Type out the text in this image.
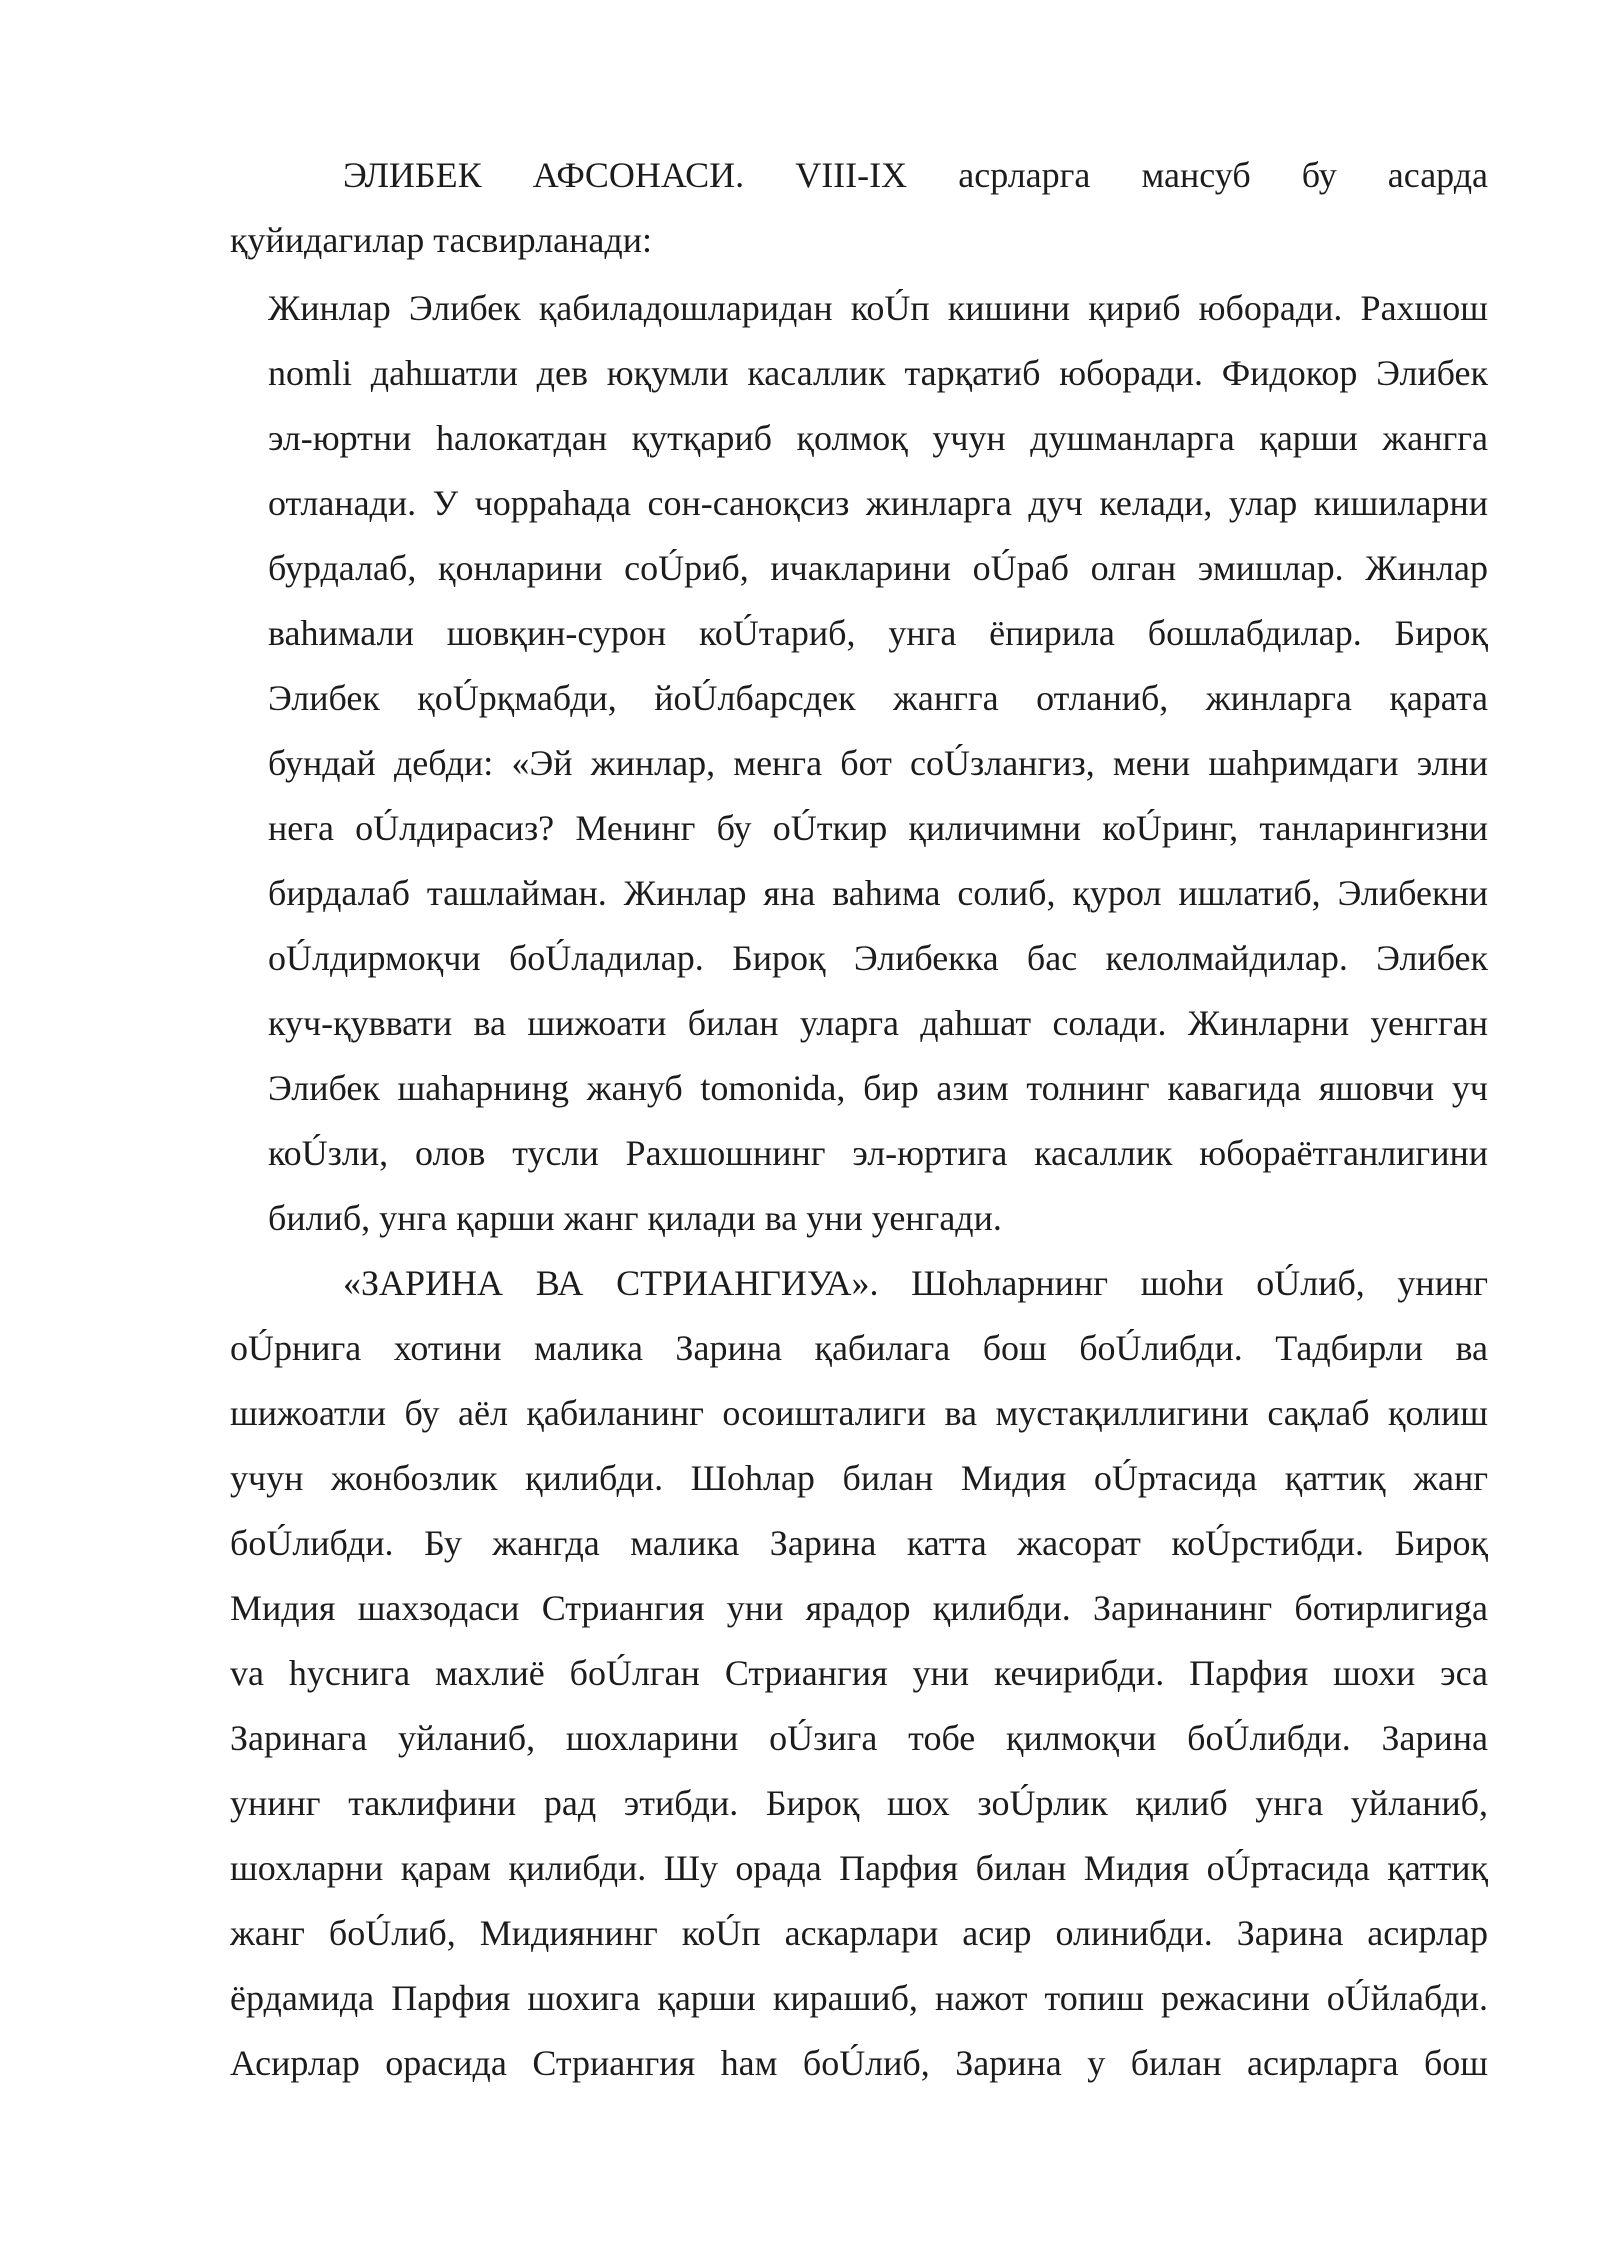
ЭЛИБЕК АФСОНАСИ. VIII-IX асрларга мансуб бу асарда
қуйидагилар тасвирланади:
Жинлар Элибек қабиладошларидан коÚп кишини қириб юборади. Рахшош
nomli даhшатли дев юқумли касаллик тарқатиб юборади. Фидокор Элибек
эл-юртни hалокатдан қутқариб қолмоқ учун душманларга қарши жангга
отланади. У чорраhада сон-саноқсиз жинларга дуч келади, улар кишиларни
бурдалаб, қонларини соÚриб, ичакларини оÚраб олган эмишлар. Жинлар
ваhимали шовқин-сурон коÚтариб, унга ёпирила бошлабдилар. Бироқ
Элибек қоÚрқмабди, йоÚлбарсдек жангга отланиб, жинларга қарата
бундай дебди: «Эй жинлар, менга бот соÚзлангиз, мени шаhримдаги элни
нега оÚлдирасиз? Менинг бу оÚткир қиличимни коÚринг, танларингизни
бирдалаб ташлайман. Жинлар яна ваhима солиб, қурол ишлатиб, Элибекни
оÚлдирмоқчи боÚладилар. Бироқ Элибекка бас келолмайдилар. Элибек
куч-қуввати ва шижоати билан уларга даhшат солади. Жинларни уенгган
Элибек шаhарнинg жануб tomonida, бир азим толнинг кавагида яшовчи уч
коÚзли, олов тусли Рахшошнинг эл-юртига касаллик юбораётганлигини
билиб, унга қарши жанг қилади ва уни уенгади.
«ЗАРИНА ВА СТРИАНГИУА». Шоhларнинг шоhи оÚлиб, унинг
оÚрнига хотини малика Зарина қабилага бош боÚлибди. Тадбирли ва
шижоатли бу аёл қабиланинг осоишталиги ва мустақиллигини сақлаб қолиш
учун жонбозлик қилибди. Шоhлар билан Мидия оÚртасида қаттиқ жанг
боÚлибди. Бу жангда малика Зарина катта жасорат коÚрстибди. Бироқ
Мидия шахзодаси Стриангия уни ярадор қилибди. Заринанинг ботирлигиga
va hуснига махлиё боÚлган Стриангия уни кечирибди. Парфия шохи эса
Заринага уйланиб, шохларини оÚзига тобе қилмоқчи боÚлибди. Зарина
унинг таклифини рад этибди. Бироқ шох зоÚрлик қилиб унга уйланиб,
шохларни қарам қилибди. Шу орада Парфия билан Мидия оÚртасида қаттиқ
жанг боÚлиб, Мидиянинг коÚп аскарлари асир олинибди. Зарина асирлар
ёрдамида Парфия шохига қарши кирашиб, нажот топиш режасини оÚйлабди.
Асирлар орасида Стриангия hам боÚлиб, Зарина у билан асирларга бош
